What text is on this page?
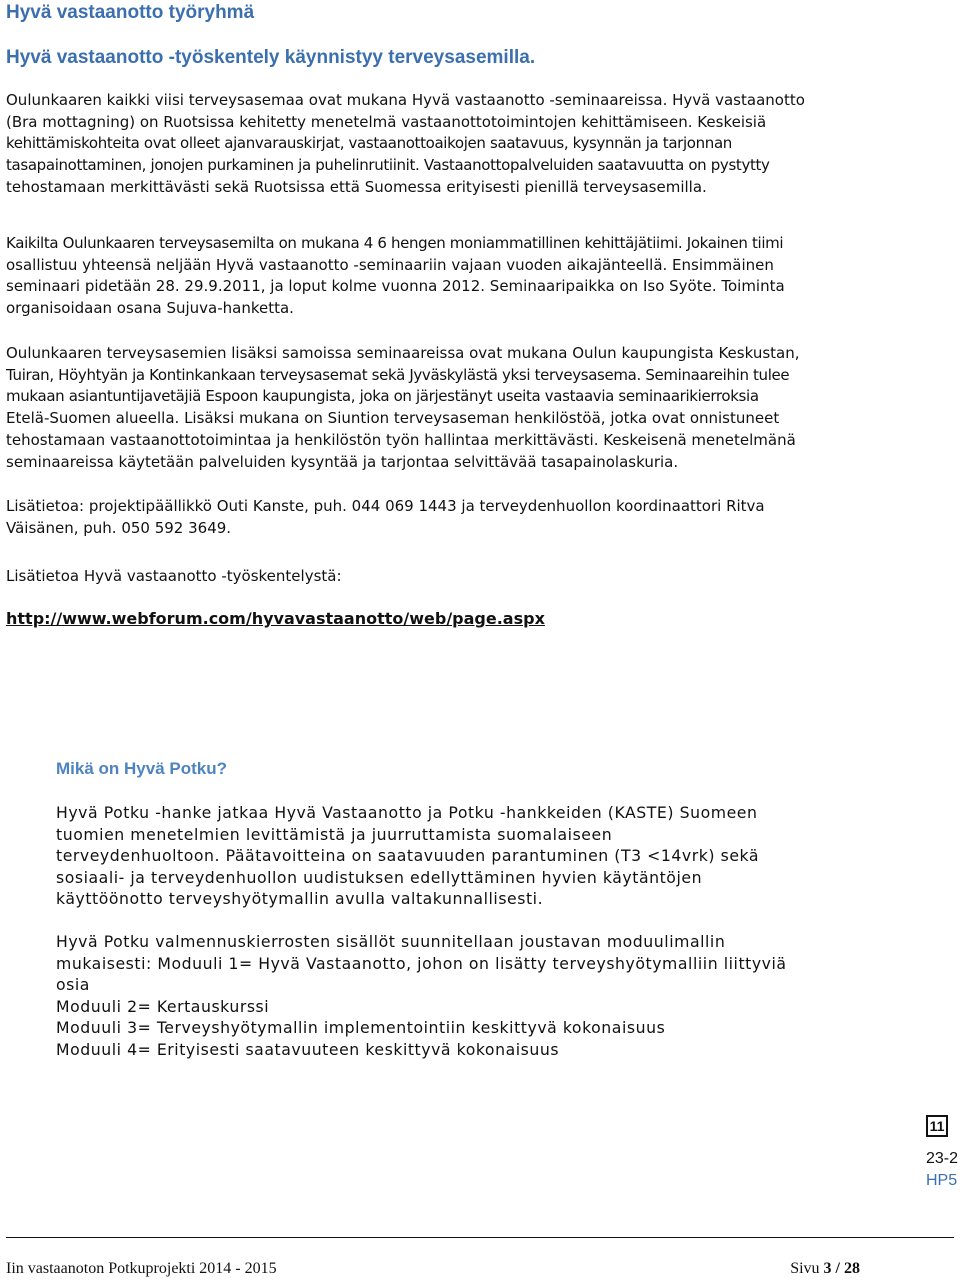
Hyvä vastaanotto työryhmä
Hyvä vastaanotto -työskentely käynnistyy terveysasemilla.
Oulunkaaren kaikki viisi terveysasemaa ovat mukana Hyvä vastaanotto -seminaareissa. Hyvä vastaanotto
(Bra mottagning) on Ruotsissa kehitetty menetelmä vastaanottotoimintojen kehittämiseen. Keskeisiä
kehittämiskohteita ovat olleet ajanvarauskirjat, vastaanottoaikojen saatavuus, kysynnän ja tarjonnan
tasapainottaminen, jonojen purkaminen ja puhelinrutiinit. Vastaanottopalveluiden saatavuutta on pystytty
tehostamaan merkittävästi sekä Ruotsissa että Suomessa erityisesti pienillä terveysasemilla.
Kaikilta Oulunkaaren terveysasemilta on mukana 4 6 hengen moniammatillinen kehittäjätiimi. Jokainen tiimi
osallistuu yhteensä neljään Hyvä vastaanotto -seminaariin vajaan vuoden aikajänteellä. Ensimmäinen
seminaari pidetään 28. 29.9.2011, ja loput kolme vuonna 2012. Seminaaripaikka on Iso Syöte. Toiminta
organisoidaan osana Sujuva-hanketta.
Oulunkaaren terveysasemien lisäksi samoissa seminaareissa ovat mukana Oulun kaupungista Keskustan,
Tuiran, Höyhtyän ja Kontinkankaan terveysasemat sekä Jyväskylästä yksi terveysasema. Seminaareihin tulee
mukaan asiantuntijavetäjiä Espoon kaupungista, joka on järjestänyt useita vastaavia seminaarikierroksia
Etelä-Suomen alueella. Lisäksi mukana on Siuntion terveysaseman henkilöstöä, jotka ovat onnistuneet
tehostamaan vastaanottotoimintaa ja henkilöstön työn hallintaa merkittävästi. Keskeisenä menetelmänä
seminaareissa käytetään palveluiden kysyntää ja tarjontaa selvittävää tasapainolaskuria.
Lisätietoa: projektipäällikkö Outi Kanste, puh. 044 069 1443 ja terveydenhuollon koordinaattori Ritva
Väisänen, puh. 050 592 3649.
Lisätietoa Hyvä vastaanotto -työskentelystä:
http://www.webforum.com/hyvavastaanotto/web/page.aspx
Mikä on Hyvä Potku?
Hyvä Potku -hanke jatkaa Hyvä Vastaanotto ja Potku -hankkeiden (KASTE) Suomeen
tuomien menetelmien levittämistä ja juurruttamista suomalaiseen
terveydenhuoltoon. Päätavoitteina on saatavuuden parantuminen (T3 <14vrk) sekä
sosiaali- ja terveydenhuollon uudistuksen edellyttäminen hyvien käytäntöjen
käyttöönotto terveyshyötymallin avulla valtakunnallisesti.
Hyvä Potku valmennuskierrosten sisällöt suunnitellaan joustavan moduulimallin
mukaisesti: Moduuli 1= Hyvä Vastaanotto, johon on lisätty terveyshyötymalliin liittyviä
osia
Moduuli 2= Kertauskurssi
Moduuli 3= Terveyshyötymallin implementointiin keskittyvä kokonaisuus
Moduuli 4= Erityisesti saatavuuteen keskittyvä kokonaisuus
11
23-2
HP5
Iin vastaanoton Potkuprojekti 2014 - 2015	Sivu 3 / 28
